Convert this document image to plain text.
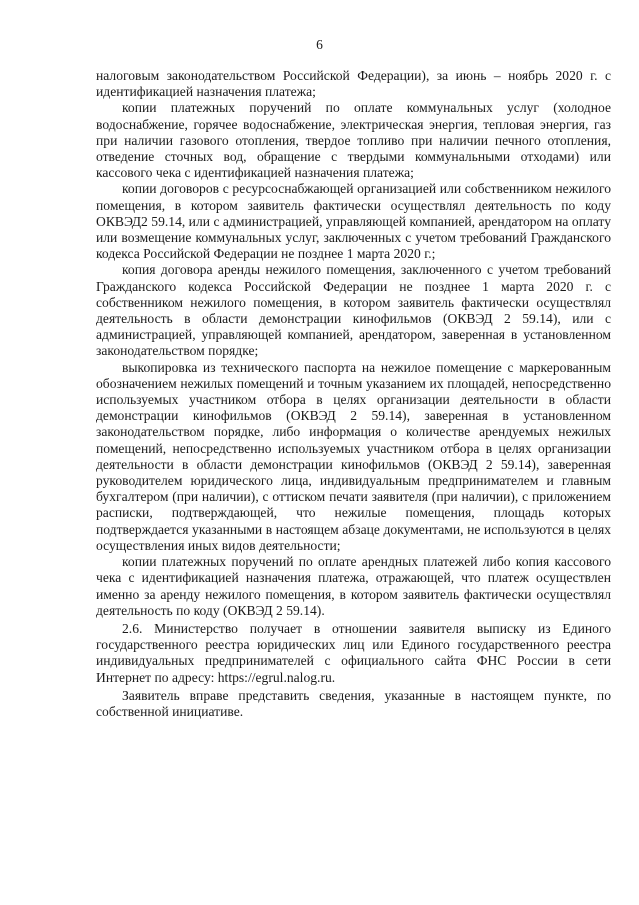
6

налоговым законодательством Российской Федерации), за июнь – ноябрь 2020 г. с идентификацией назначения платежа;

копии платежных поручений по оплате коммунальных услуг (холодное водоснабжение, горячее водоснабжение, электрическая энергия, тепловая энергия, газ при наличии газового отопления, твердое топливо при наличии печного отопления, отведение сточных вод, обращение с твердыми коммунальными отходами) или кассового чека с идентификацией назначения платежа;

копии договоров с ресурсоснабжающей организацией или собственником нежилого помещения, в котором заявитель фактически осуществлял деятельность по коду ОКВЭД2 59.14, или с администрацией, управляющей компанией, арендатором на оплату или возмещение коммунальных услуг, заключенных с учетом требований Гражданского кодекса Российской Федерации не позднее 1 марта 2020 г.;

копия договора аренды нежилого помещения, заключенного с учетом требований Гражданского кодекса Российской Федерации не позднее 1 марта 2020 г. с собственником нежилого помещения, в котором заявитель фактически осуществлял деятельность в области демонстрации кинофильмов (ОКВЭД 2 59.14), или с администрацией, управляющей компанией, арендатором, заверенная в установленном законодательством порядке;

выкопировка из технического паспорта на нежилое помещение с маркерованным обозначением нежилых помещений и точным указанием их площадей, непосредственно используемых участником отбора в целях организации деятельности в области демонстрации кинофильмов (ОКВЭД 2 59.14), заверенная в установленном законодательством порядке, либо информация о количестве арендуемых нежилых помещений, непосредственно используемых участником отбора в целях организации деятельности в области демонстрации кинофильмов (ОКВЭД 2 59.14), заверенная руководителем юридического лица, индивидуальным предпринимателем и главным бухгалтером (при наличии), с оттиском печати заявителя (при наличии), с приложением расписки, подтверждающей, что нежилые помещения, площадь которых подтверждается указанными в настоящем абзаце документами, не используются в целях осуществления иных видов деятельности;

копии платежных поручений по оплате арендных платежей либо копия кассового чека с идентификацией назначения платежа, отражающей, что платеж осуществлен именно за аренду нежилого помещения, в котором заявитель фактически осуществлял деятельность по коду (ОКВЭД 2 59.14).

2.6. Министерство получает в отношении заявителя выписку из Единого государственного реестра юридических лиц или Единого государственного реестра индивидуальных предпринимателей с официального сайта ФНС России в сети Интернет по адресу: https://egrul.nalog.ru.

Заявитель вправе представить сведения, указанные в настоящем пункте, по собственной инициативе.
